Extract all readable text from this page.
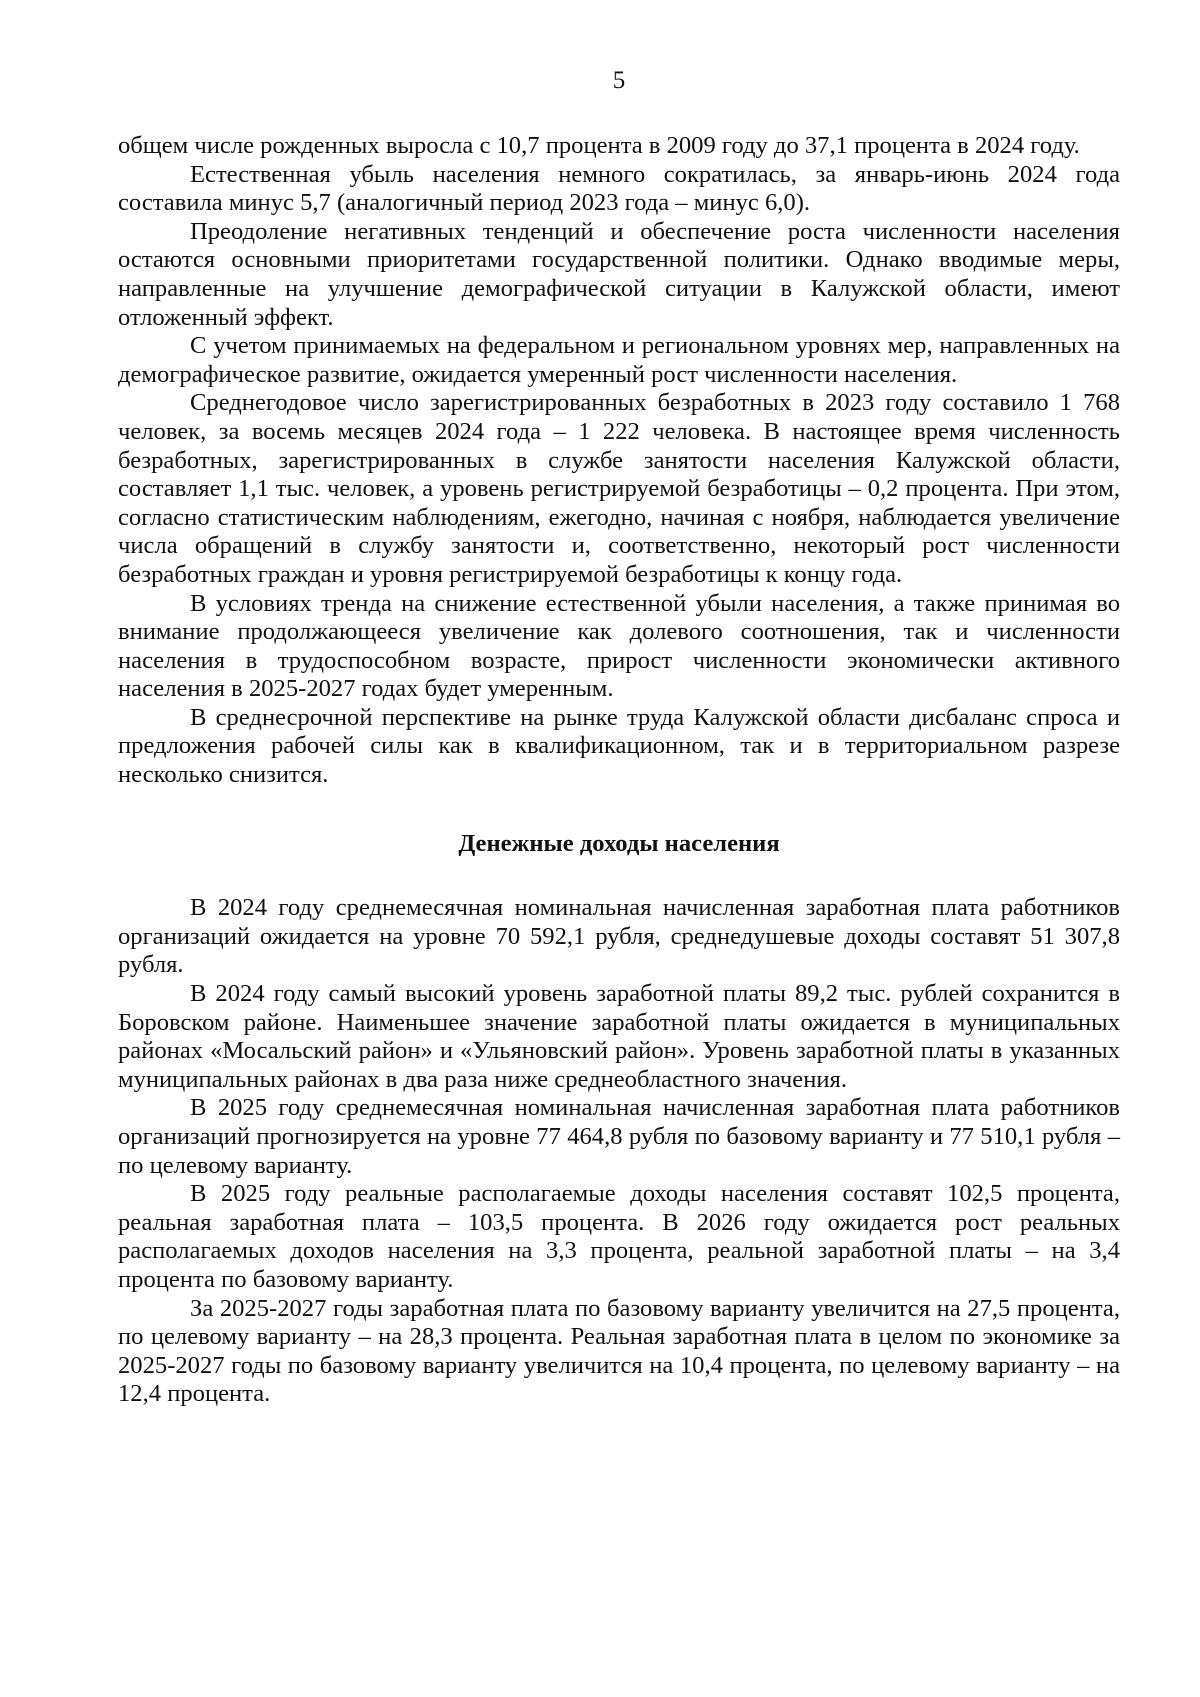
5

общем числе рожденных выросла с 10,7 процента в 2009 году до 37,1 процента в 2024 году.

Естественная убыль населения немного сократилась, за январь-июнь 2024 года составила минус 5,7 (аналогичный период 2023 года – минус 6,0).

Преодоление негативных тенденций и обеспечение роста численности населения остаются основными приоритетами государственной политики. Однако вводимые меры, направленные на улучшение демографической ситуации в Калужской области, имеют отложенный эффект.

С учетом принимаемых на федеральном и региональном уровнях мер, направленных на демографическое развитие, ожидается умеренный рост численности населения.

Среднегодовое число зарегистрированных безработных в 2023 году составило 1 768 человек, за восемь месяцев 2024 года – 1 222 человека. В настоящее время численность безработных, зарегистрированных в службе занятости населения Калужской области, составляет 1,1 тыс. человек, а уровень регистрируемой безработицы – 0,2 процента. При этом, согласно статистическим наблюдениям, ежегодно, начиная с ноября, наблюдается увеличение числа обращений в службу занятости и, соответственно, некоторый рост численности безработных граждан и уровня регистрируемой безработицы к концу года.

В условиях тренда на снижение естественной убыли населения, а также принимая во внимание продолжающееся увеличение как долевого соотношения, так и численности населения в трудоспособном возрасте, прирост численности экономически активного населения в 2025-2027 годах будет умеренным.

В среднесрочной перспективе на рынке труда Калужской области дисбаланс спроса и предложения рабочей силы как в квалификационном, так и в территориальном разрезе несколько снизится.

Денежные доходы населения

В 2024 году среднемесячная номинальная начисленная заработная плата работников организаций ожидается на уровне 70 592,1 рубля, среднедушевые доходы составят 51 307,8 рубля.

В 2024 году самый высокий уровень заработной платы 89,2 тыс. рублей сохранится в Боровском районе. Наименьшее значение заработной платы ожидается в муниципальных районах «Мосальский район» и «Ульяновский район». Уровень заработной платы в указанных муниципальных районах в два раза ниже среднеобластного значения.

В 2025 году среднемесячная номинальная начисленная заработная плата работников организаций прогнозируется на уровне 77 464,8 рубля по базовому варианту и 77 510,1 рубля – по целевому варианту.

В 2025 году реальные располагаемые доходы населения составят 102,5 процента, реальная заработная плата – 103,5 процента. В 2026 году ожидается рост реальных располагаемых доходов населения на 3,3 процента, реальной заработной платы – на 3,4 процента по базовому варианту.

За 2025-2027 годы заработная плата по базовому варианту увеличится на 27,5 процента, по целевому варианту – на 28,3 процента. Реальная заработная плата в целом по экономике за 2025-2027 годы по базовому варианту увеличится на 10,4 процента, по целевому варианту – на 12,4 процента.
